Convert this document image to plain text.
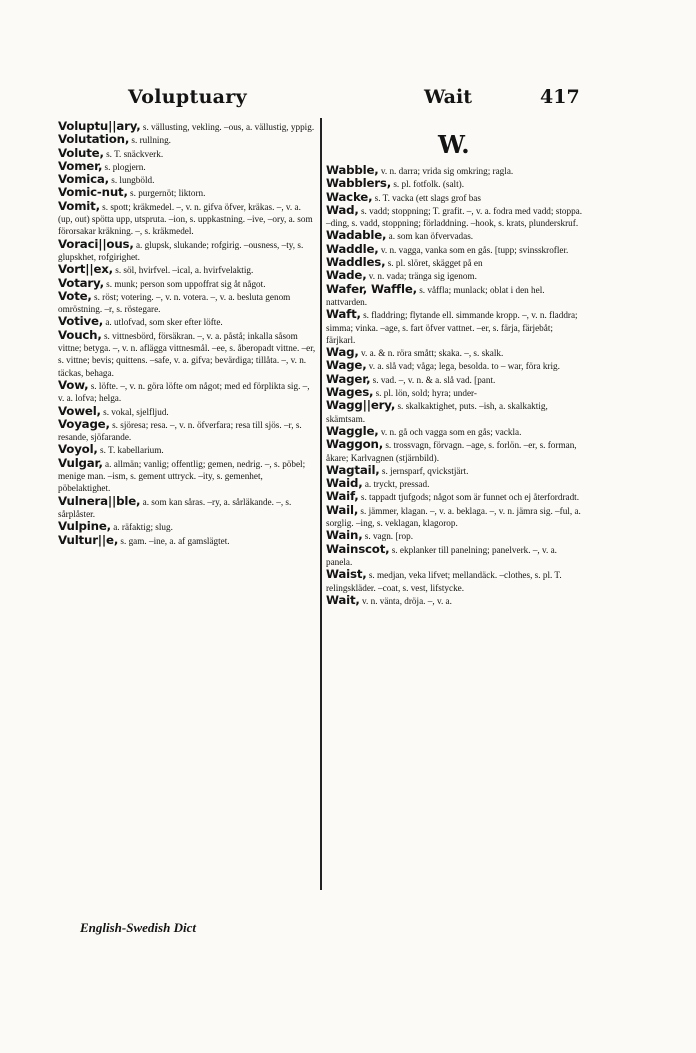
Voluptuary	Wait	417
Voluptu||ary, s. vällusting, vekling. –ous, a. vällustig, yppig.
Volutation, s. rullning.
Volute, s. T. snäckverk.
Vomer, s. plogjern.
Vomica, s. lungböld.
Vomic-nut, s. purgernöt; liktorn.
Vomit, s. spott; kräkmedel. –, v. n. gifva öfver, kräkas. –, v. a. (up, out) spötta upp, utspruta. –ion, s. uppkastning. –ive, –ory, a. som förorsakar kräkning. –, s. kräkmedel.
Voraci||ous, a. glupsk, slukande; rofgirig. –ousness, –ty, s. glupskhet, rofgirighet.
Vort||ex, s. söl, hvirfvel. –ical, a. hvirfvelaktig.
Votary, s. munk; person som uppoffrat sig åt något.
Vote, s. röst; votering. –, v. n. votera. –, v. a. besluta genom omröstning. –r, s. röstegare.
Votive, a. utlofvad, som sker efter löfte.
Vouch, s. vittnesbörd, försäkran. –, v. a. påstå; inkalla såsom vittne; betyga. –, v. n. aflägga vittnesmål. –ee, s. åberopadt vittne. –er, s. vittne; bevis; quittens. –safe, v. a. gifva; bevärdiga; tillåta. –, v. n. täckas, behaga.
Vow, s. löfte. –, v. n. göra löfte om något; med ed förplikta sig. –, v. a. lofva; helga.
Vowel, s. vokal, sjelfljud.
Voyage, s. sjöresa; resa. –, v. n. öfverfara; resa till sjös. –r, s. resande, sjöfarande.
Voyol, s. T. kabellarium.
Vulgar, a. allmän; vanlig; offentlig; gemen, nedrig. –, s. pöbel; menige man. –ism, s. gement uttryck. –ity, s. gemenhet, pöbelaktighet.
Vulnera||ble, a. som kan såras. –ry, a. sårläkande. –, s. sårplåster.
Vulpine, a. räfaktig; slug.
Vultur||e, s. gam. –ine, a. af gamslägtet.
W.
Wabble, v. n. darra; vrida sig omkring; ragla.
Wabblers, s. pl. fotfolk. (salt).
Wacke, s. T. vacka (ett slags grof bas
Wad, s. vadd; stoppning; T. grafit. –, v. a. fodra med vadd; stoppa. –ding, s. vadd, stoppning; förladdning. –hook, s. krats, plunderskruf.
Wadable, a. som kan öfvervadas.
Waddle, v. n. vagga, vanka som en gås. [tupp; svinsskrofler.
Waddles, s. pl. slöret, skägget på en
Wade, v. n. vada; tränga sig igenom.
Wafer, Waffle, s. våffla; munlack; oblat i den hel. nattvarden.
Waft, s. fladdring; flytande ell. simmande kropp. –, v. n. fladdra; simma; vinka. –age, s. fart öfver vattnet. –er, s. färja, färjebåt; färjkarl.
Wag, v. a. & n. röra smått; skaka. –, s. skalk.
Wage, v. a. slå vad; våga; lega, besolda. to – war, föra krig.
Wager, s. vad. –, v. n. & a. slå vad. [pant.
Wages, s. pl. lön, sold; hyra; under-
Wagg||ery, s. skalkaktighet, puts. –ish, a. skalkaktig, skämtsam.
Waggle, v. n. gå och vagga som en gås; vackla.
Waggon, s. trossvagn, förvagn. –age, s. forlön. –er, s. forman, åkare; Karlvagnen (stjärnbild).
Wagtail, s. jernsparf, qvickstjärt.
Waid, a. tryckt, pressad.
Waif, s. tappadt tjufgods; något som är funnet och ej återfordradt.
Wail, s. jämmer, klagan. –, v. a. beklaga. –, v. n. jämra sig. –ful, a. sorglig. –ing, s. veklagan, klagorop.
Wain, s. vagn. [rop.
Wainscot, s. ekplanker till panelning; panelverk. –, v. a. panela.
Waist, s. medjan, veka lifvet; mellandäck. –clothes, s. pl. T. relingskläder. –coat, s. vest, lifstycke.
Wait, v. n. vänta, dröja. –, v. a.
English-Swedish Dict
